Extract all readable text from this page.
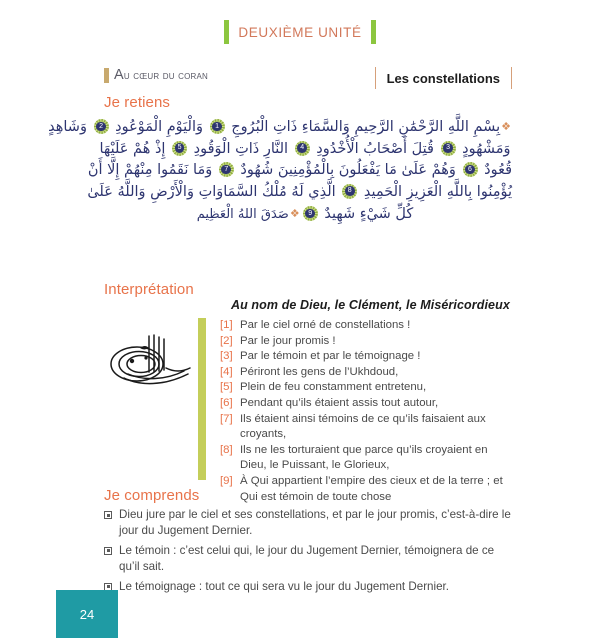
DEUXIÈME UNITÉ
Au cœur du coran	Les constellations
Je retiens
❖بِسْمِ اللَّهِ الرَّحْمَٰنِ الرَّحِيمِ وَالسَّمَاءِ ذَاتِ الْبُرُوجِ
1
وَالْيَوْمِ الْمَوْعُودِ
2
وَشَاهِدٍ
وَمَشْهُودٍ
3
قُتِلَ أَصْحَابُ الْأُخْدُودِ
4
النَّارِ ذَاتِ الْوَقُودِ
5
إِذْ هُمْ عَلَيْهَا
قُعُودٌ
6
وَهُمْ عَلَىٰ مَا يَفْعَلُونَ بِالْمُؤْمِنِينَ شُهُودٌ
7
وَمَا نَقَمُوا مِنْهُمْ إِلَّا أَنْ
يُؤْمِنُوا بِاللَّهِ الْعَزِيزِ الْحَمِيدِ
8
الَّذِي لَهُ مُلْكُ السَّمَاوَاتِ وَالْأَرْضِ وَاللَّهُ عَلَىٰ
كُلِّ شَيْءٍ شَهِيدٌ
9
❖صَدَقَ اللهُ الْعَظِيم
Interprétation
Au nom de Dieu, le Clément, le Miséricordieux
[1] Par le ciel orné de constellations !
[2] Par le jour promis !
[3] Par le témoin et par le témoignage !
[4] Périront les gens de l’Ukhdoud,
[5] Plein de feu constamment entretenu,
[6] Pendant qu’ils étaient assis tout autour,
[7] Ils étaient ainsi témoins de ce qu’ils faisaient aux croyants,
[8] Ils ne les torturaient que parce qu’ils croyaient en Dieu, le Puissant, le Glorieux,
[9] À Qui appartient l’empire des cieux et de la terre ; et Qui est témoin de toute chose
Je comprends
Dieu jure par le ciel et ses constellations, et par le jour promis, c’est-à-dire le jour du Jugement Dernier.
Le témoin : c’est celui qui, le jour du Jugement Dernier, témoignera de ce qu’il sait.
Le témoignage : tout ce qui sera vu le jour du Jugement Dernier.
24
